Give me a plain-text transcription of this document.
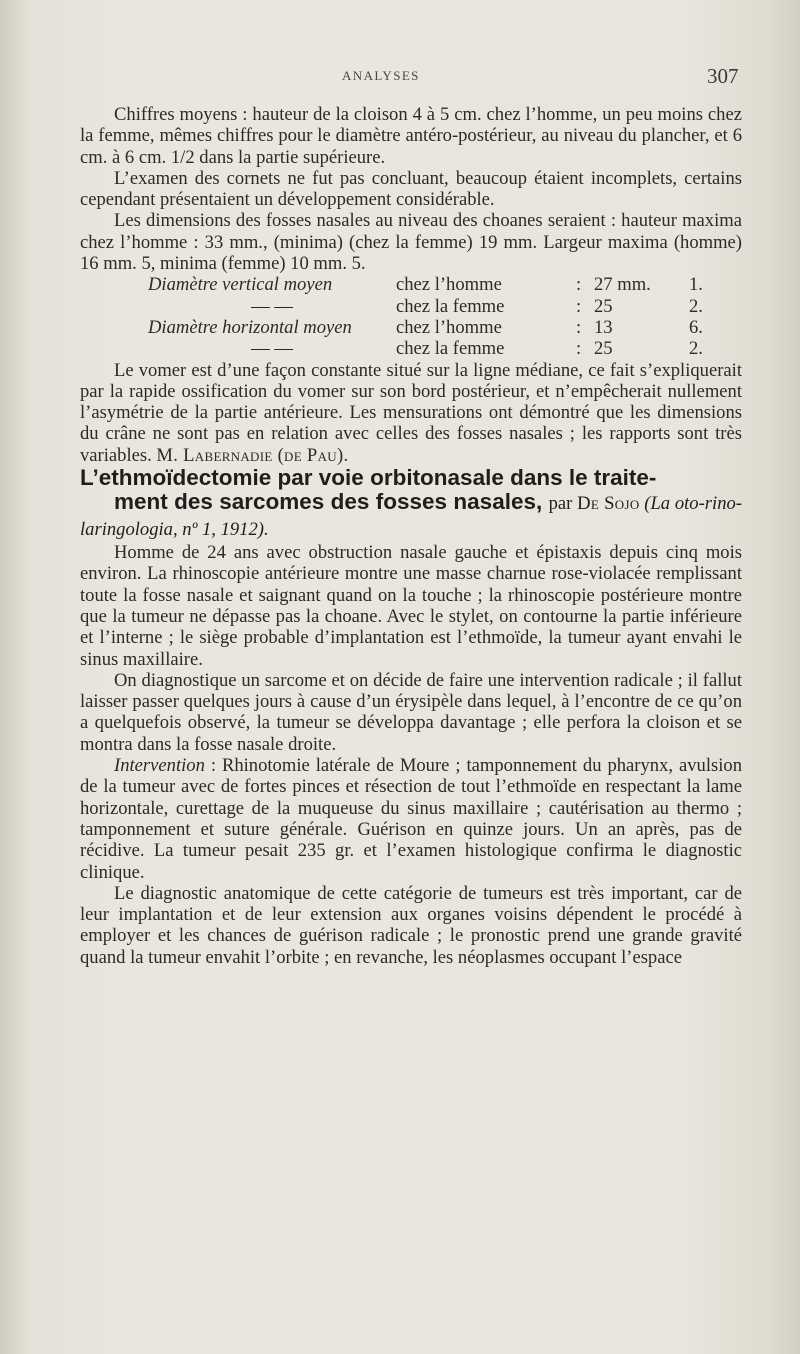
ANALYSES	307

Chiffres moyens : hauteur de la cloison 4 à 5 cm. chez l’homme, un peu moins chez la femme, mêmes chiffres pour le diamètre antéro-postérieur, au niveau du plancher, et 6 cm. à 6 cm. 1/2 dans la partie supérieure.

L’examen des cornets ne fut pas concluant, beaucoup étaient incomplets, certains cependant présentaient un développement considérable.

Les dimensions des fosses nasales au niveau des choanes seraient : hauteur maxima chez l’homme : 33 mm., (minima) (chez la femme) 19 mm. Largeur maxima (homme) 16 mm. 5, minima (femme) 10 mm. 5.

Diamètre vertical moyen	chez l’homme	: 27 mm.	1.
— —	chez la femme	: 25	2.
Diamètre horizontal moyen	chez l’homme	: 13	6.
— —	chez la femme	: 25	2.

Le vomer est d’une façon constante situé sur la ligne médiane, ce fait s’expliquerait par la rapide ossification du vomer sur son bord postérieur, et n’empêcherait nullement l’asymétrie de la partie antérieure. Les mensurations ont démontré que les dimensions du crâne ne sont pas en relation avec celles des fosses nasales ; les rapports sont très variables. M. Labernadie (de Pau).

L’ethmoïdectomie par voie orbitonasale dans le traite-
ment des sarcomes des fosses nasales, par De Sojo (La oto-rino-laringologia, nº 1, 1912).

Homme de 24 ans avec obstruction nasale gauche et épistaxis depuis cinq mois environ. La rhinoscopie antérieure montre une masse charnue rose-violacée remplissant toute la fosse nasale et saignant quand on la touche ; la rhinoscopie postérieure montre que la tumeur ne dépasse pas la choane. Avec le stylet, on contourne la partie inférieure et l’interne ; le siège probable d’implantation est l’ethmoïde, la tumeur ayant envahi le sinus maxillaire.

On diagnostique un sarcome et on décide de faire une intervention radicale ; il fallut laisser passer quelques jours à cause d’un érysipèle dans lequel, à l’encontre de ce qu’on a quelquefois observé, la tumeur se développa davantage ; elle perfora la cloison et se montra dans la fosse nasale droite.

Intervention : Rhinotomie latérale de Moure ; tamponnement du pharynx, avulsion de la tumeur avec de fortes pinces et résection de tout l’ethmoïde en respectant la lame horizontale, curettage de la muqueuse du sinus maxillaire ; cautérisation au thermo ; tamponnement et suture générale. Guérison en quinze jours. Un an après, pas de récidive. La tumeur pesait 235 gr. et l’examen histologique confirma le diagnostic clinique.

Le diagnostic anatomique de cette catégorie de tumeurs est très important, car de leur implantation et de leur extension aux organes voisins dépendent le procédé à employer et les chances de guérison radicale ; le pronostic prend une grande gravité quand la tumeur envahit l’orbite ; en revanche, les néoplasmes occupant l’espace
